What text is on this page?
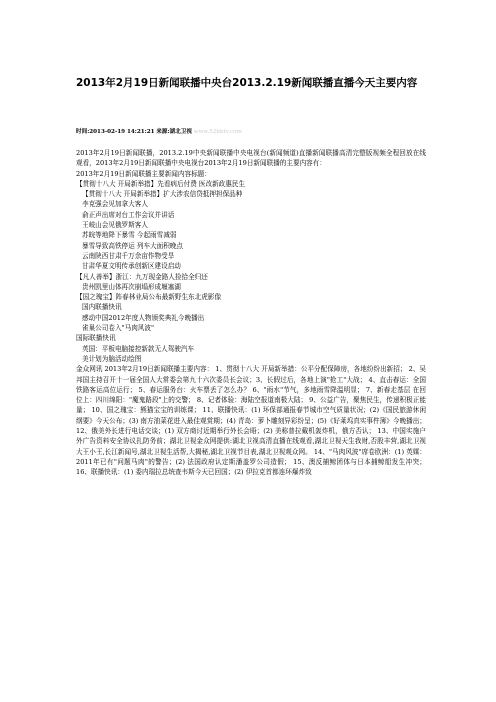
2013年2月19日新闻联播中央台2013.2.19新闻联播直播今天主要内容
时间:2013-02-19 14:21:21 来源:湖北卫视 www.52hbtv.com

2013年2月19日新闻联播，2013.2.19中央新闻联播中央电视台(新闻频道)直播新闻联播高清完整版视频全程回放在线观看，2013年2月19日新闻联播中央电视台2013年2月19日新闻联播的主要内容有：

2013年2月19日新闻联播主要新闻内容标题：

【贯彻十八大 开局新举措】先看病后付费 医改新政惠民生

【贯彻十八大 开局新举措】扩大涉农信贷抵押担保品种

李克强会见加拿大客人

俞正声出席对台工作会议并讲话

王岐山会见俄罗斯客人

苏皖等地降下暴雪 今起雨雪减弱

暴雪导致高铁停运 列车大面积晚点

云南陕西甘肃千万余亩作物受旱

甘肃华夏文明传承创新区建设启动

【凡人善举】浙江：九万现金路人捡拾全归还

贵州凯里山体再次崩塌形成堰塞湖

【国之瑰宝】阵春林业局公布最新野生东北虎影像

国内联播快讯

感动中国2012年度人物颁奖典礼今晚播出

雀巢公司卷入"马肉风波"

国际联播快讯

英国：平板电脑接控新款无人驾驶汽车

美计划为脑活动绘图

金众网讯 2013年2月19日新闻联播主要内容： 1、贯彻十八大 开局新举措：公平分配保障房，各地纷纷出新招； 2、吴邦国主持召开十一届全国人大常委会第九十六次委员长会议；3、长假过后，各地上演"抢工"大战； 4、直击春运：全国铁路客运高位运行； 5、春运服务台：火车票丢了怎么办？ 6、"雨水"节气，多地雨雪降温明显； 7、新春走基层 在回位上：四川绵阳："魔鬼路段"上的交警； 8、记者体验：海陆空报道南极大陆； 9、公益广告，聚焦民生，传递积极正能量； 10、国之瑰宝：熊猫宝宝的训练课； 11、联播快讯：(1) 环保部通报春节城市空气质量状况；(2)《国民旅游休闲纲要》今天公布；(3) 南方油菜花进入最佳观赏期；(4) 青岛：萝卜雕刻异彩纷呈；(5)《好莱坞真实事件簿》今晚播出； 12、俄美外长进行电话交谈；(1) 双方商讨近期举行外长会晤；(2) 美称普拉戴机轰炸机，俄方否认； 13、中国实施户外广告资料安全协议扎防务前；湖北卫视金众网提供:湖北卫视高清直播在线观看,湖北卫视天生我财,否股丰营,湖北卫视大王小王,长江新闻号,湖北卫视生活帮,大揭秘,湖北卫视节目表,湖北卫视观众网。 14、"马肉风波"席卷欧洲：(1) 英媒：2011年已有"问题马肉"的警告；(2) 法国政府认定斯潘盖罗公司造假； 15、澳反捕鲸团体与日本捕鲸船发生冲突； 16、联播快讯：(1) 委内瑞拉总统查韦斯今天已回国；(2) 伊拉克首都连环爆炸致
